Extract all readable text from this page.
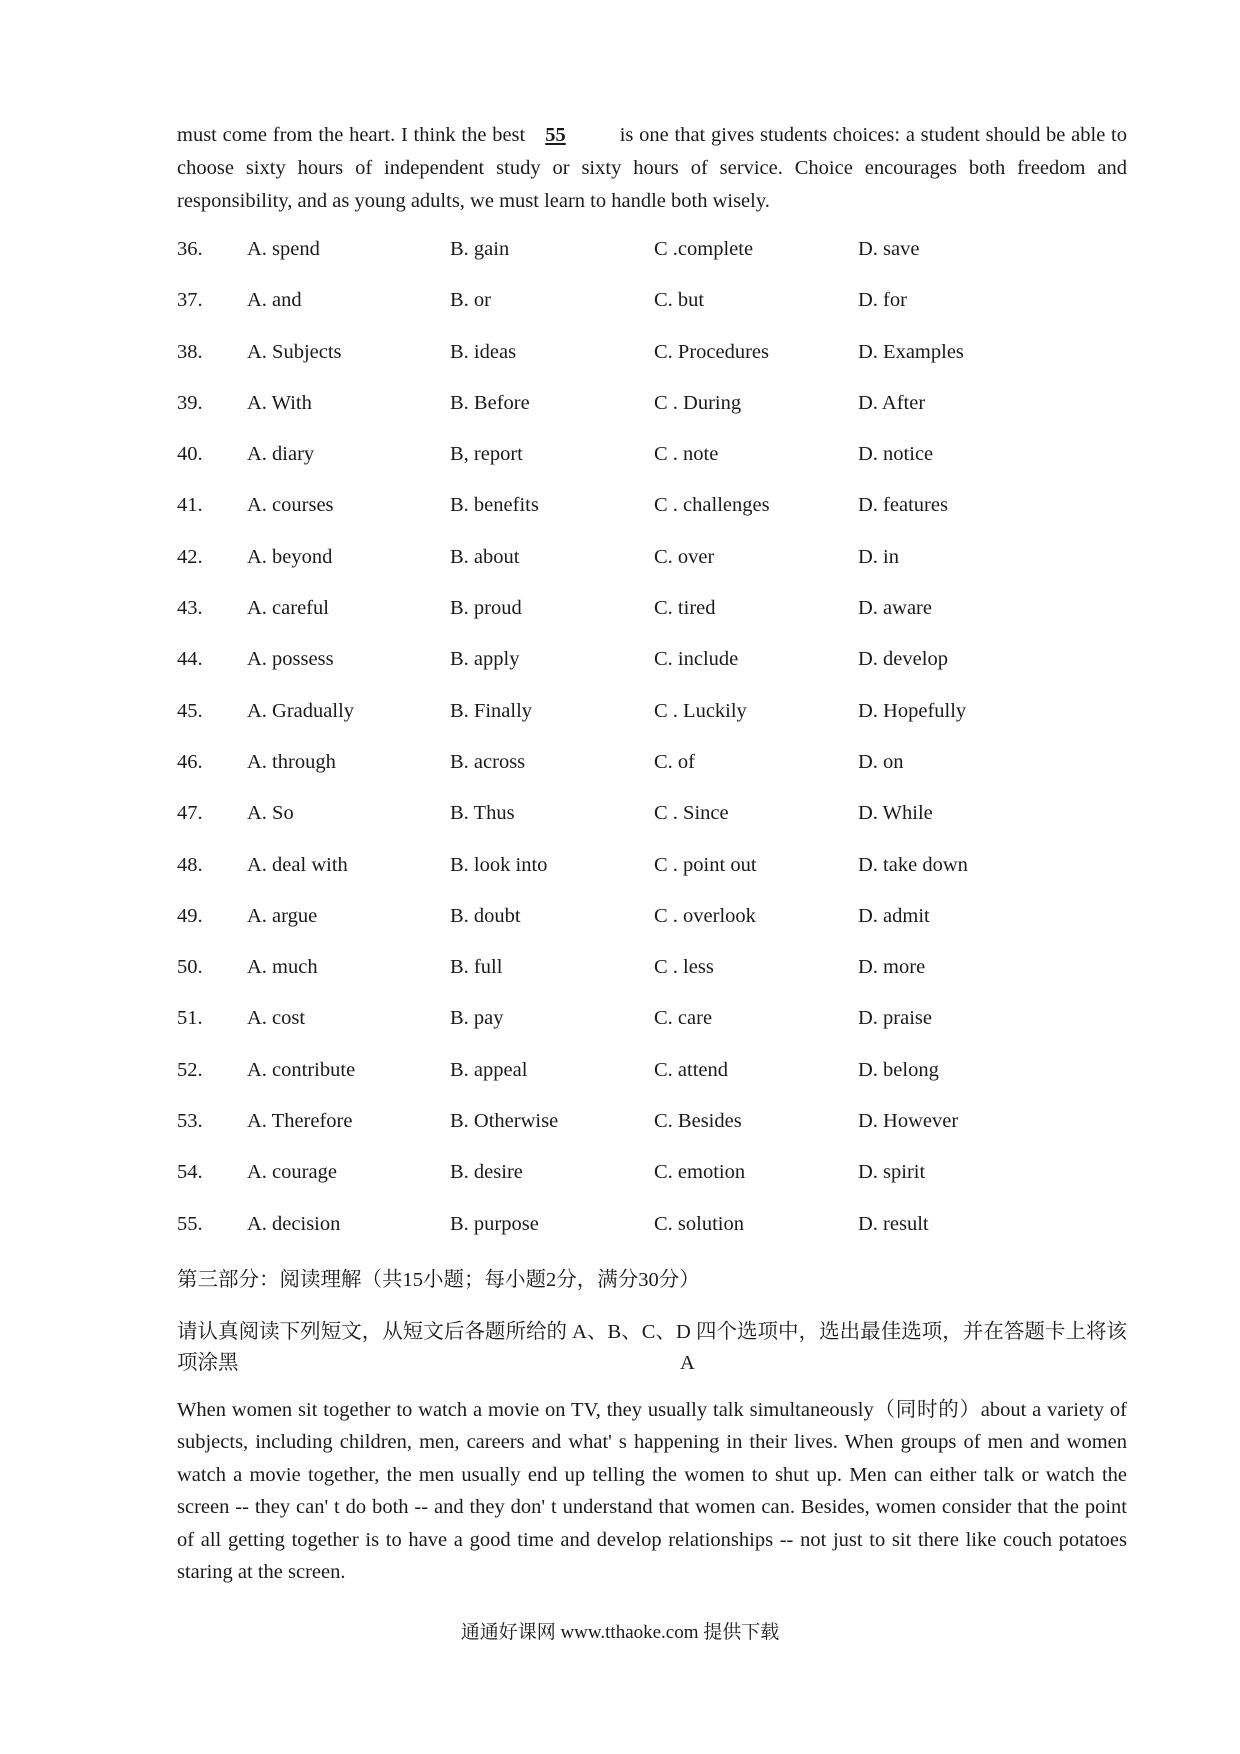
must come from the heart. I think the best 55	is one that gives students choices: a student should be able to choose sixty hours of independent study or sixty hours of service. Choice encourages both freedom and responsibility, and as young adults, we must learn to handle both wisely.
36. A. spend	B. gain	C .complete	D. save
37. A. and	B. or	C. but	D. for
38. A. Subjects	B. ideas	C. Procedures	D. Examples
39. A. With	B. Before	C . During	D. After
40. A. diary	B, report	C . note	D. notice
41. A. courses	B. benefits	C . challenges	D. features
42. A. beyond	B. about	C. over	D. in
43. A. careful	B. proud	C. tired	D. aware
44. A. possess	B. apply	C. include	D. develop
45. A. Gradually	B. Finally	C . Luckily	D. Hopefully
46. A. through	B. across	C. of	D. on
47. A. So	B. Thus	C . Since	D. While
48. A. deal with	B. look into	C . point out	D. take down
49. A. argue	B. doubt	C . overlook	D. admit
50. A. much	B. full	C . less	D. more
51. A. cost	B. pay	C. care	D. praise
52. A. contribute	B. appeal	C. attend	D. belong
53. A. Therefore	B. Otherwise	C. Besides	D. However
54. A. courage	B. desire	C. emotion	D. spirit
55. A. decision	B. purpose	C. solution	D. result
第三部分：阅读理解（共15小题；每小题2分，满分30分）
请认真阅读下列短文，从短文后各题所给的 A、B、C、D 四个选项中，选出最佳选项，并在答题卡上将该项涂黑	A
When women sit together to watch a movie on TV, they usually talk simultaneously（同时的）about a variety of subjects, including children, men, careers and what' s happening in their lives. When groups of men and women watch a movie together, the men usually end up telling the women to shut up. Men can either talk or watch the screen -- they can' t do both -- and they don' t understand that women can. Besides, women consider that the point of all getting together is to have a good time and develop relationships -- not just to sit there like couch potatoes staring at the screen.
通通好课网 www.tthaoke.com 提供下载
